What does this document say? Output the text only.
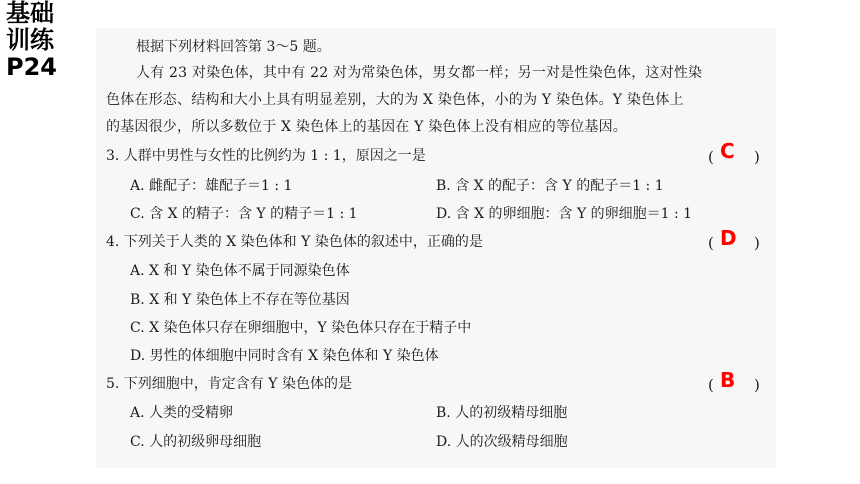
基础
训练
P24
根据下列材料回答第 3～5 题。
人有 23 对染色体，其中有 22 对为常染色体，男女都一样；另一对是性染色体，这对性染
色体在形态、结构和大小上具有明显差别，大的为 X 染色体，小的为 Y 染色体。Y 染色体上
的基因很少，所以多数位于 X 染色体上的基因在 Y 染色体上没有相应的等位基因。
3. 人群中男性与女性的比例约为 1 : 1，原因之一是	( C )
A. 雌配子：雄配子＝1 : 1	B. 含 X 的配子：含 Y 的配子＝1 : 1
C. 含 X 的精子：含 Y 的精子＝1 : 1	D. 含 X 的卵细胞：含 Y 的卵细胞＝1 : 1
4. 下列关于人类的 X 染色体和 Y 染色体的叙述中，正确的是	( D )
A. X 和 Y 染色体不属于同源染色体
B. X 和 Y 染色体上不存在等位基因
C. X 染色体只存在卵细胞中，Y 染色体只存在于精子中
D. 男性的体细胞中同时含有 X 染色体和 Y 染色体
5. 下列细胞中，肯定含有 Y 染色体的是	( B )
A. 人类的受精卵	B. 人的初级精母细胞
C. 人的初级卵母细胞	D. 人的次级精母细胞
